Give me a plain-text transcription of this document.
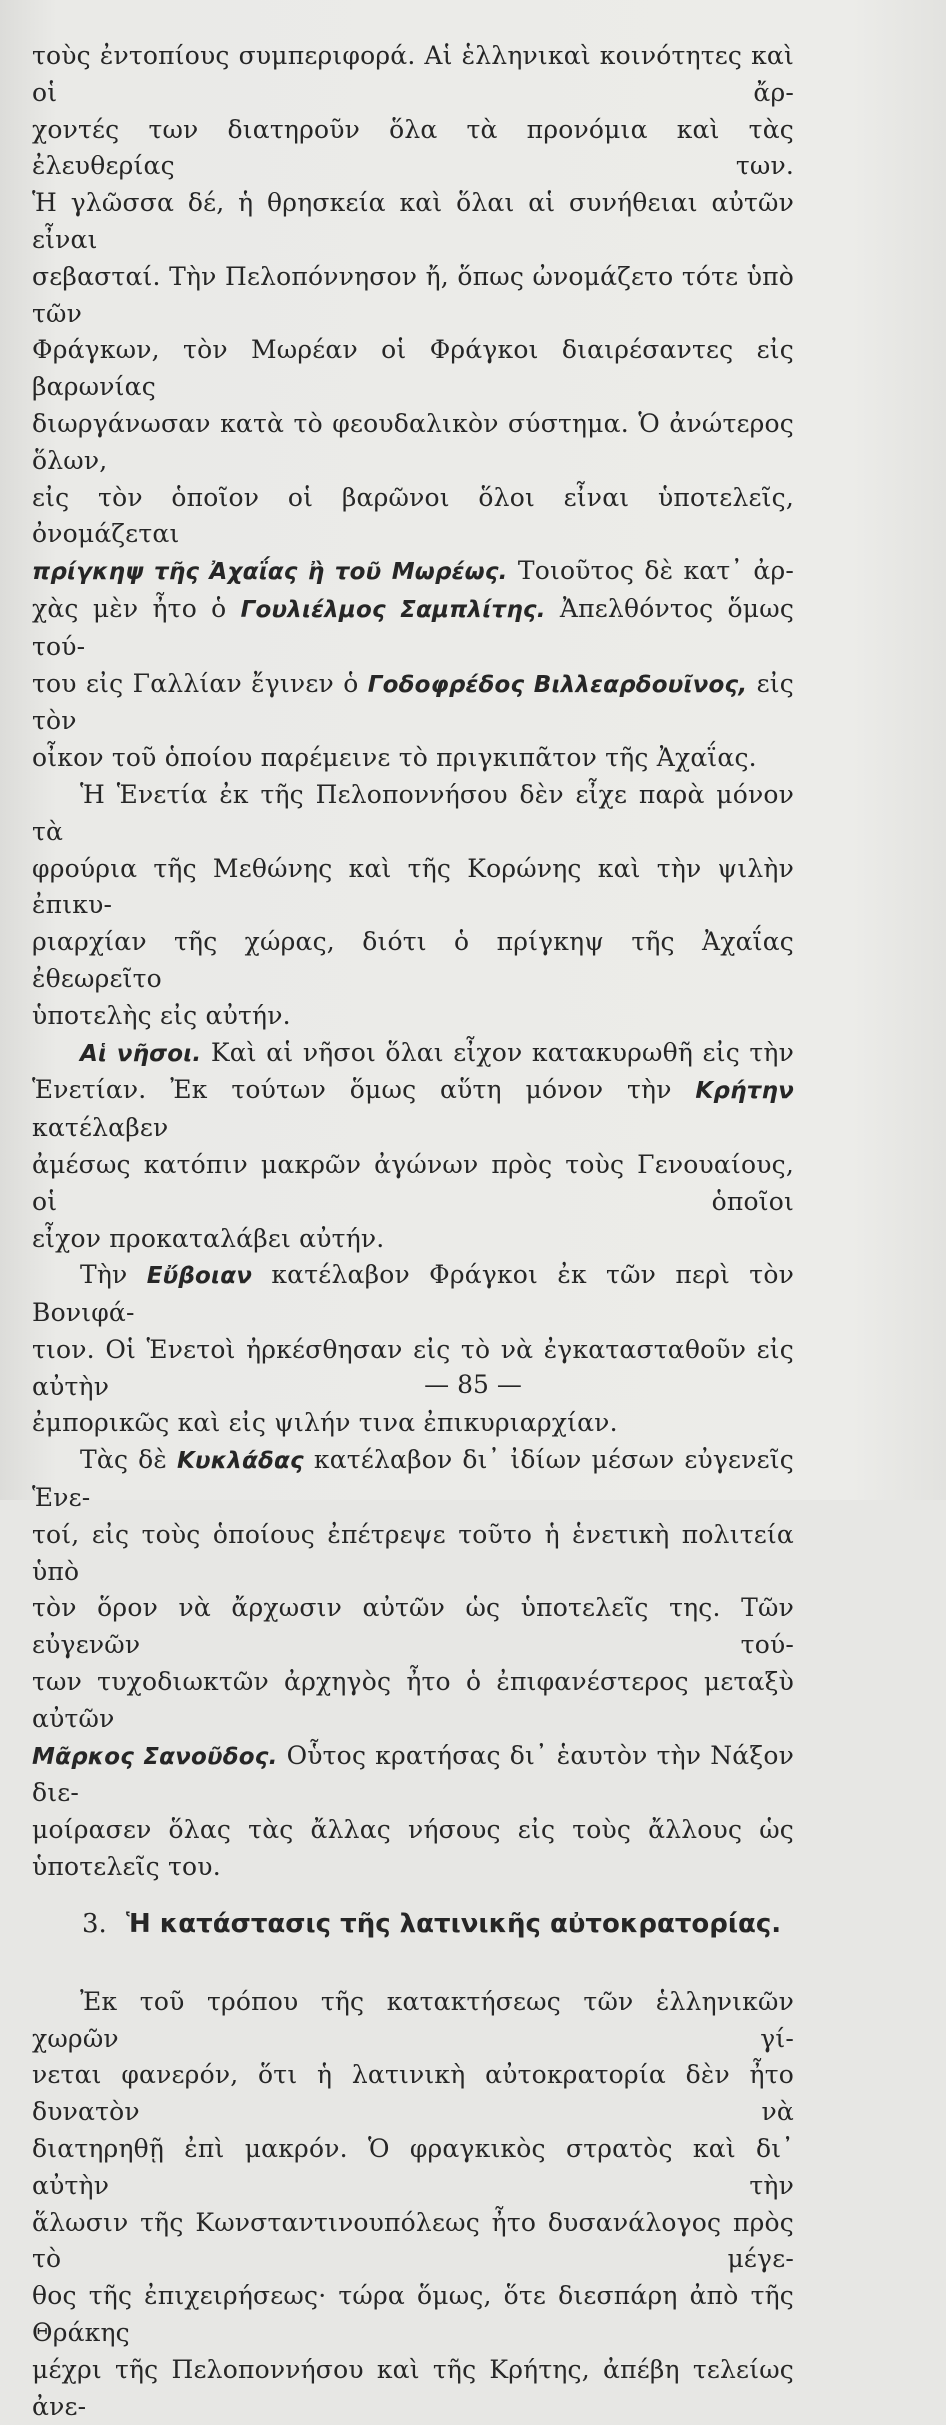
τοὺς ἐντοπίους συμπεριφορά. Αἱ ἑλληνικαὶ κοινότητες καὶ οἱ ἄρ-

χοντές των διατηροῦν ὅλα τὰ προνόμια καὶ τὰς ἐλευθερίας των.

Ἡ γλῶσσα δέ, ἡ θρησκεία καὶ ὅλαι αἱ συνήθειαι αὐτῶν εἶναι

σεβασταί. Τὴν Πελοπόννησον ἤ, ὅπως ὠνομάζετο τότε ὑπὸ τῶν

Φράγκων, τὸν Μωρέαν οἱ Φράγκοι διαιρέσαντες εἰς βαρωνίας

διωργάνωσαν κατὰ τὸ φεουδαλικὸν σύστημα. Ὁ ἀνώτερος ὅλων,

εἰς τὸν ὁποῖον οἱ βαρῶνοι ὅλοι εἶναι ὑποτελεῖς, ὀνομάζεται

πρίγκηψ τῆς Ἀχαΐας ἢ τοῦ Μωρέως. Τοιοῦτος δὲ κατ᾿ ἀρ-

χὰς μὲν ἦτο ὁ Γουλιέλμος Σαμπλίτης. Ἀπελθόντος ὅμως τού-

του εἰς Γαλλίαν ἔγινεν ὁ Γοδοφρέδος Βιλλεαρδουῖνος, εἰς τὸν

οἶκον τοῦ ὁποίου παρέμεινε τὸ πριγκιπᾶτον τῆς Ἀχαΐας.

Ἡ Ἑνετία ἐκ τῆς Πελοποννήσου δὲν εἶχε παρὰ μόνον τὰ

φρούρια τῆς Μεθώνης καὶ τῆς Κορώνης καὶ τὴν ψιλὴν ἐπικυ-

ριαρχίαν τῆς χώρας, διότι ὁ πρίγκηψ τῆς Ἀχαΐας ἐθεωρεῖτο

ὑποτελὴς εἰς αὐτήν.

Αἱ νῆσοι. Καὶ αἱ νῆσοι ὅλαι εἶχον κατακυρωθῆ εἰς τὴν

Ἑνετίαν. Ἐκ τούτων ὅμως αὕτη μόνον τὴν Κρήτην κατέλαβεν

ἀμέσως κατόπιν μακρῶν ἀγώνων πρὸς τοὺς Γενουαίους, οἱ ὁποῖοι

εἶχον προκαταλάβει αὐτήν.

Τὴν Εὔβοιαν κατέλαβον Φράγκοι ἐκ τῶν περὶ τὸν Βονιφά-

τιον. Οἱ Ἑνετοὶ ἠρκέσθησαν εἰς τὸ νὰ ἐγκατασταθοῦν εἰς αὐτὴν

ἐμπορικῶς καὶ εἰς ψιλήν τινα ἐπικυριαρχίαν.

Τὰς δὲ Κυκλάδας κατέλαβον δι᾿ ἰδίων μέσων εὐγενεῖς Ἑνε-

τοί, εἰς τοὺς ὁποίους ἐπέτρεψε τοῦτο ἡ ἑνετικὴ πολιτεία ὑπὸ

τὸν ὅρον νὰ ἄρχωσιν αὐτῶν ὡς ὑποτελεῖς της. Τῶν εὐγενῶν τού-

των τυχοδιωκτῶν ἀρχηγὸς ἦτο ὁ ἐπιφανέστερος μεταξὺ αὐτῶν

Μᾶρκος Σανοῦδος. Οὗτος κρατήσας δι᾿ ἑαυτὸν τὴν Νάξον διε-

μοίρασεν ὅλας τὰς ἄλλας νήσους εἰς τοὺς ἄλλους ὡς ὑποτελεῖς του.

3. Ἡ κατάστασις τῆς λατινικῆς αὐτοκρατορίας.

Ἐκ τοῦ τρόπου τῆς κατακτήσεως τῶν ἑλληνικῶν χωρῶν γί-

νεται φανερόν, ὅτι ἡ λατινικὴ αὐτοκρατορία δὲν ἦτο δυνατὸν νὰ

διατηρηθῇ ἐπὶ μακρόν. Ὁ φραγκικὸς στρατὸς καὶ δι᾿ αὐτὴν τὴν

ἅλωσιν τῆς Κωνσταντινουπόλεως ἦτο δυσανάλογος πρὸς τὸ μέγε-

θος τῆς ἐπιχειρήσεως· τώρα ὅμως, ὅτε διεσπάρη ἀπὸ τῆς Θράκης

μέχρι τῆς Πελοποννήσου καὶ τῆς Κρήτης, ἀπέβη τελείως ἀνε-

— 85 —
